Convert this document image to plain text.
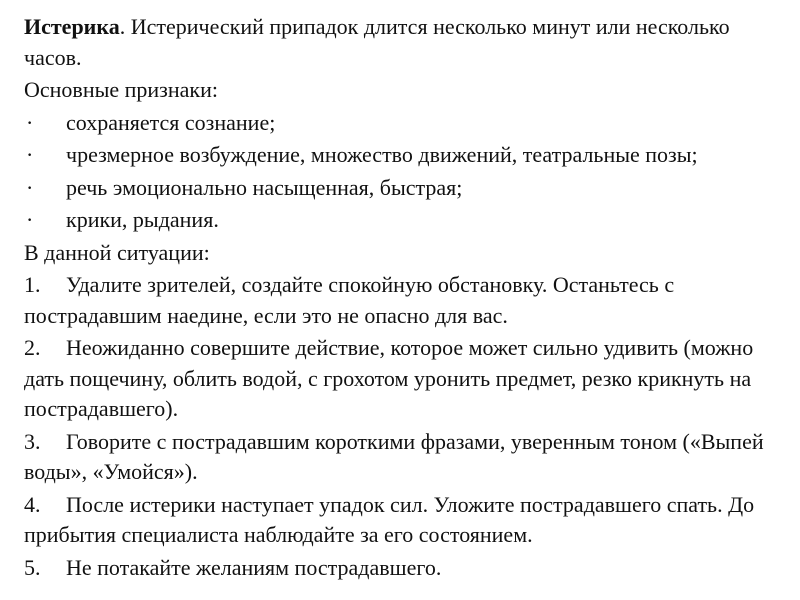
Истерика. Истерический припадок длится несколько минут или несколько часов.

Основные признаки:

· сохраняется сознание;

· чрезмерное возбуждение, множество движений, театральные позы;

· речь эмоционально насыщенная, быстрая;

· крики, рыдания.

В данной ситуации:

1. Удалите зрителей, создайте спокойную обстановку. Останьтесь с пострадавшим наедине, если это не опасно для вас.

2. Неожиданно совершите действие, которое может сильно удивить (можно дать пощечину, облить водой, с грохотом уронить предмет, резко крикнуть на пострадавшего).

3. Говорите с пострадавшим короткими фразами, уверенным тоном («Выпей воды», «Умойся»).

4. После истерики наступает упадок сил. Уложите пострадавшего спать. До прибытия специалиста наблюдайте за его состоянием.

5. Не потакайте желаниям пострадавшего.
